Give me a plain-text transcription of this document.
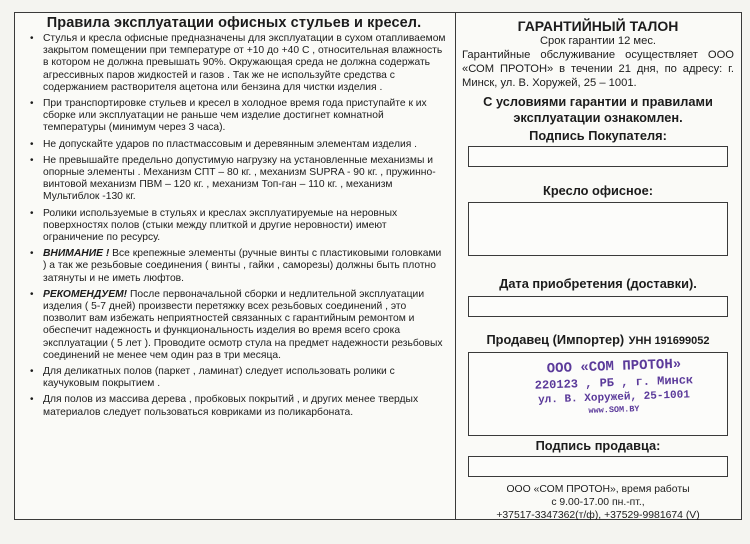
Правила эксплуатации офисных стульев и кресел.
• Стулья и кресла офисные предназначены для эксплуатации в сухом отапливаемом закрытом помещении при температуре от +10 до +40 С , относительная влажность в котором не должна превышать 90%. Окружающая среда не должна содержать агрессивных паров жидкостей и газов . Так же не используйте средства с содержанием растворителя ацетона или бензина для чистки изделия .
• При транспортировке стульев и кресел в холодное время года приступайте к их сборке или эксплуатации не раньше чем изделие достигнет комнатной температуры (минимум через 3 часа).
• Не допускайте ударов по пластмассовым и деревянным элементам изделия .
• Не превышайте предельно допустимую нагрузку на установленные механизмы и опорные элементы . Механизм СПТ – 80 кг. , механизм SUPRA - 90 кг. , пружинно-винтовой механизм ПВМ – 120 кг. , механизм Топ-ган – 110 кг. , механизм Мультиблок -130 кг.
• Ролики используемые в стульях и креслах эксплуатируемые на неровных поверхностях полов (стыки между плиткой и другие неровности) имеют ограничение по ресурсу.
• ВНИМАНИЕ ! Все крепежные элементы (ручные винты с пластиковыми головками ) а так же резьбовые соединения ( винты , гайки , саморезы) должны быть плотно затянуты и не иметь люфтов.
• РЕКОМЕНДУЕМ! После первоначальной сборки и недлительной эксплуатации изделия ( 5-7 дней) произвести перетяжку всех резьбовых соединений , это позволит вам избежать неприятностей связанных с гарантийным ремонтом и обеспечит надежность и функциональность изделия во время всего срока эксплуатации ( 5 лет ). Проводите осмотр стула на предмет надежности резьбовых соединений не менее чем один раз в три месяца.
• Для деликатных полов (паркет , ламинат) следует использовать ролики с каучуковым покрытием .
• Для полов из массива дерева , пробковых покрытий , и других менее твердых материалов следует пользоваться ковриками из поликарбоната.
ГАРАНТИЙНЫЙ ТАЛОН
Срок гарантии 12 мес.
Гарантийные обслуживание осуществляет ООО «СОМ ПРОТОН» в течении 21 дня, по адресу: г. Минск, ул. В. Хоружей, 25 – 1001.
С условиями гарантии и правилами эксплуатации ознакомлен.
Подпись Покупателя:
Кресло офисное:
Дата приобретения (доставки).
Продавец (Импортер) УНН 191699052
ООО «СОМ ПРОТОН»
220123 , РБ , г. Минск
ул. В. Хоружей, 25-1001
www.SOM.BY
Подпись продавца:
ООО «СОМ ПРОТОН», время работы
с 9.00-17.00 пн.-пт.,
+37517-3347362(т/ф), +37529-9981674 (V)
